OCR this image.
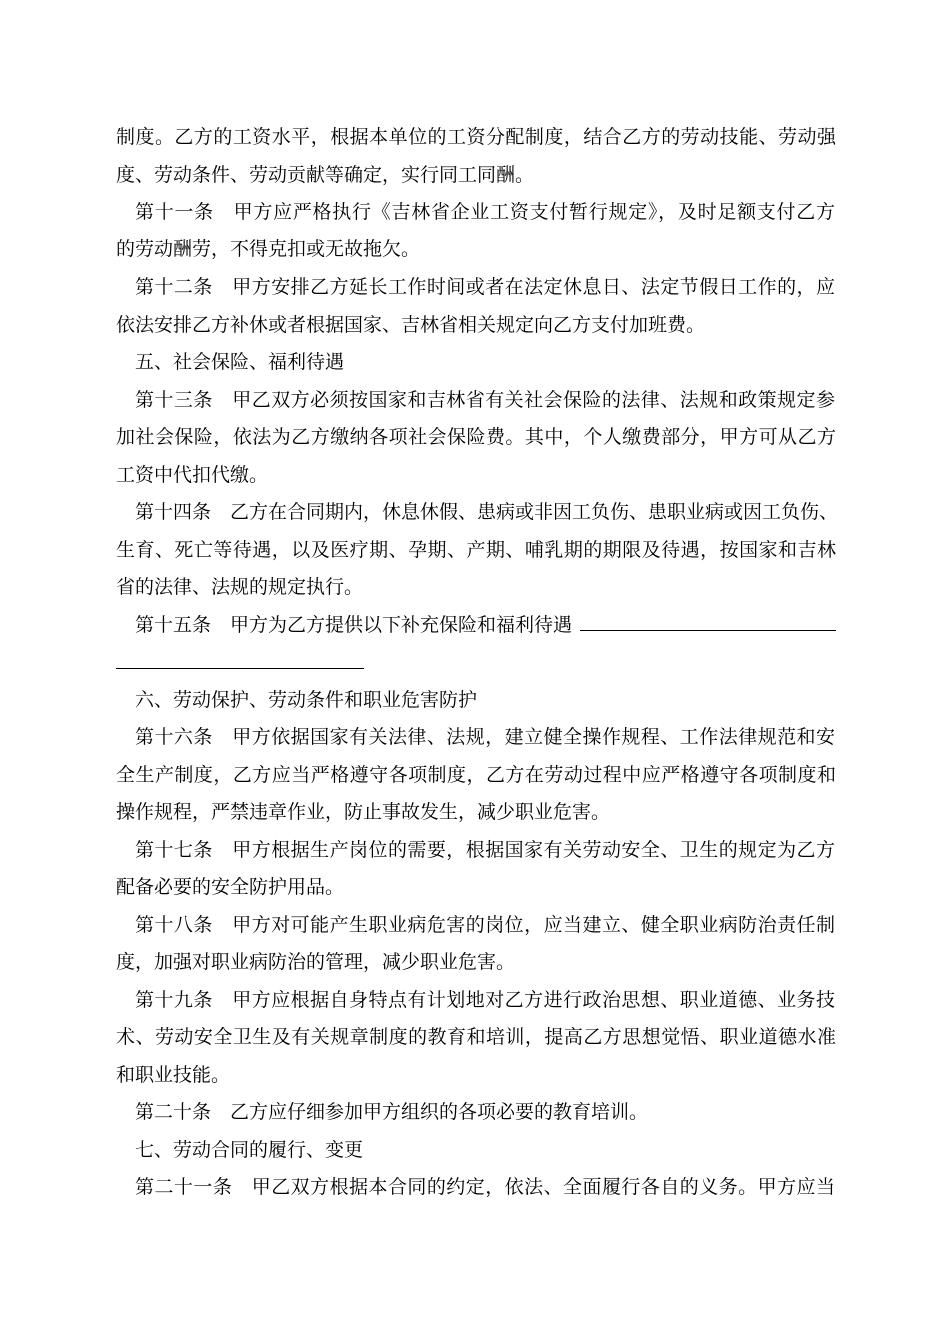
制度。乙方的工资水平，根据本单位的工资分配制度，结合乙方的劳动技能、劳动强
度、劳动条件、劳动贡献等确定，实行同工同酬。
第十一条　甲方应严格执行《吉林省企业工资支付暂行规定》，及时足额支付乙方
的劳动酬劳，不得克扣或无故拖欠。
第十二条　甲方安排乙方延长工作时间或者在法定休息日、法定节假日工作的，应
依法安排乙方补休或者根据国家、吉林省相关规定向乙方支付加班费。
五、社会保险、福利待遇
第十三条　甲乙双方必须按国家和吉林省有关社会保险的法律、法规和政策规定参
加社会保险，依法为乙方缴纳各项社会保险费。其中，个人缴费部分，甲方可从乙方
工资中代扣代缴。
第十四条　乙方在合同期内，休息休假、患病或非因工负伤、患职业病或因工负伤、
生育、死亡等待遇，以及医疗期、孕期、产期、哺乳期的期限及待遇，按国家和吉林
省的法律、法规的规定执行。
第十五条　甲方为乙方提供以下补充保险和福利待遇
六、劳动保护、劳动条件和职业危害防护
第十六条　甲方依据国家有关法律、法规，建立健全操作规程、工作法律规范和安
全生产制度，乙方应当严格遵守各项制度，乙方在劳动过程中应严格遵守各项制度和
操作规程，严禁违章作业，防止事故发生，减少职业危害。
第十七条　甲方根据生产岗位的需要，根据国家有关劳动安全、卫生的规定为乙方
配备必要的安全防护用品。
第十八条　甲方对可能产生职业病危害的岗位，应当建立、健全职业病防治责任制
度，加强对职业病防治的管理，减少职业危害。
第十九条　甲方应根据自身特点有计划地对乙方进行政治思想、职业道德、业务技
术、劳动安全卫生及有关规章制度的教育和培训，提高乙方思想觉悟、职业道德水准
和职业技能。
第二十条　乙方应仔细参加甲方组织的各项必要的教育培训。
七、劳动合同的履行、变更
第二十一条　甲乙双方根据本合同的约定，依法、全面履行各自的义务。甲方应当
